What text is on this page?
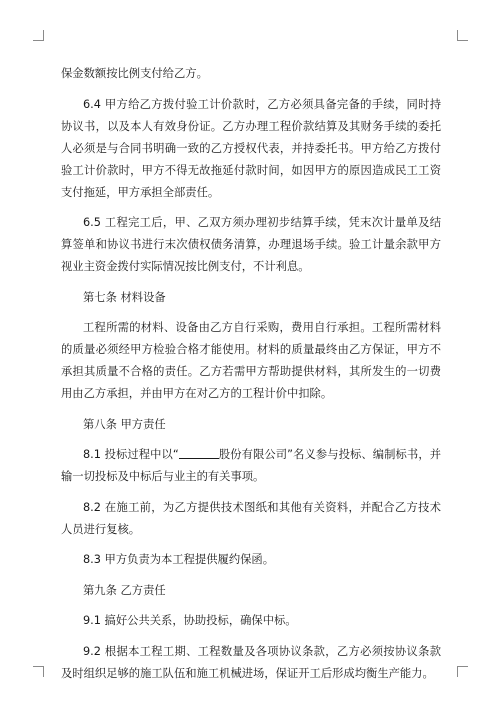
保金数额按比例支付给乙方。

6.4 甲方给乙方拨付验工计价款时，乙方必须具备完备的手续，同时持协议书，以及本人有效身份证。乙方办理工程价款结算及其财务手续的委托人必须是与合同书明确一致的乙方授权代表，并持委托书。甲方给乙方拨付验工计价款时，甲方不得无故拖延付款时间，如因甲方的原因造成民工工资支付拖延，甲方承担全部责任。

6.5 工程完工后，甲、乙双方须办理初步结算手续，凭末次计量单及结算签单和协议书进行末次债权债务清算，办理退场手续。验工计量余款甲方视业主资金拨付实际情况按比例支付，不计利息。

第七条 材料设备

工程所需的材料、设备由乙方自行采购，费用自行承担。工程所需材料的质量必须经甲方检验合格才能使用。材料的质量最终由乙方保证，甲方不承担其质量不合格的责任。乙方若需甲方帮助提供材料，其所发生的一切费用由乙方承担，并由甲方在对乙方的工程计价中扣除。

第八条 甲方责任

8.1 投标过程中以“	股份有限公司”名义参与投标、编制标书，并输一切投标及中标后与业主的有关事项。

8.2 在施工前，为乙方提供技术图纸和其他有关资料，并配合乙方技术人员进行复核。

8.3 甲方负责为本工程提供履约保函。

第九条 乙方责任

9.1 搞好公共关系，协助投标，确保中标。

9.2 根据本工程工期、工程数量及各项协议条款，乙方必须按协议条款及时组织足够的施工队伍和施工机械进场，保证开工后形成均衡生产能力。
